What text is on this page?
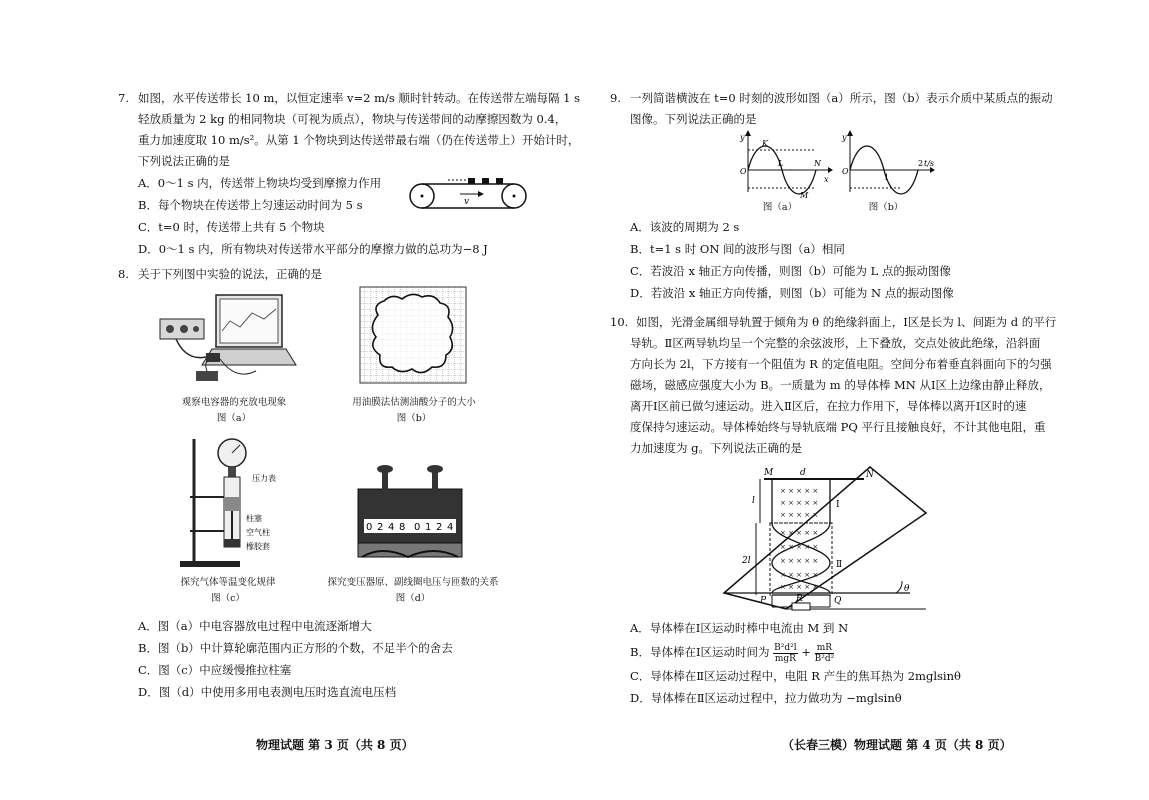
7. 如图，水平传送带长 10 m，以恒定速率 v=2 m/s 顺时针转动。在传送带左端每隔 1 s
轻放质量为 2 kg 的相同物块（可视为质点），物块与传送带间的动摩擦因数为 0.4，
重力加速度取 10 m/s²。从第 1 个物块到达传送带最右端（仍在传送带上）开始计时，
下列说法正确的是
A．0～1 s 内，传送带上物块均受到摩擦力作用
B．每个物块在传送带上匀速运动时间为 5 s
C．t=0 时，传送带上共有 5 个物块
D．0～1 s 内，所有物块对传送带水平部分的摩擦力做的总功为−8 J
v
8. 关于下列图中实验的说法，正确的是
观察电容器的充放电现象
图（a）
用油膜法估测油酸分子的大小
图（b）
压力表
柱塞
空气柱
橡胶套
探究气体等温变化规律
图（c）
0 2 4 8 0 1 2 4
探究变压器原、副线圈电压与匝数的关系
图（d）
A．图（a）中电容器放电过程中电流逐渐增大
B．图（b）中计算轮廓范围内正方形的个数，不足半个的舍去
C．图（c）中应缓慢推拉柱塞
D．图（d）中使用多用电表测电压时选直流电压档
9. 一列简谐横波在 t=0 时刻的波形如图（a）所示，图（b）表示介质中某质点的振动
图像。下列说法正确的是
y
O
K
L	N
M
x
图（a）
y
O
1
2 t/s
图（b）
A．该波的周期为 2 s
B．t=1 s 时 ON 间的波形与图（a）相同
C．若波沿 x 轴正方向传播，则图（b）可能为 L 点的振动图像
D．若波沿 x 轴正方向传播，则图（b）可能为 N 点的振动图像
10. 如图，光滑金属细导轨置于倾角为 θ 的绝缘斜面上，Ⅰ区是长为 l、间距为 d 的平行
导轨。Ⅱ区两导轨均呈一个完整的余弦波形，上下叠放，交点处彼此绝缘，沿斜面
方向长为 2l，下方接有一个阻值为 R 的定值电阻。空间分布着垂直斜面向下的匀强
磁场，磁感应强度大小为 B。一质量为 m 的导体棒 MN 从Ⅰ区上边缘由静止释放，
离开Ⅰ区前已做匀速运动。进入Ⅱ区后，在拉力作用下，导体棒以离开Ⅰ区时的速
度保持匀速运动。导体棒始终与导轨底端 PQ 平行且接触良好，不计其他电阻，重
力加速度为 g。下列说法正确的是
× × × × ×
× × × × ×
× × × × ×
× × × × ×
× × × × ×
× × × × ×
× × × × ×
× × × × ×
M	N
d
l
2l
Ⅰ
Ⅱ
P	Q
R
θ
A．导体棒在Ⅰ区运动时棒中电流由 M 到 N
B．导体棒在Ⅰ区运动时间为 $\frac{\text{B²d²l}}{\text{mgR}} + \frac{mR}{\text{B²d²}}$
C．导体棒在Ⅱ区运动过程中，电阻 R 产生的焦耳热为 2mglsinθ
D．导体棒在Ⅱ区运动过程中，拉力做功为 −mglsinθ
物理试题 第 3 页（共 8 页）	（长春三模）物理试题 第 4 页（共 8 页）
